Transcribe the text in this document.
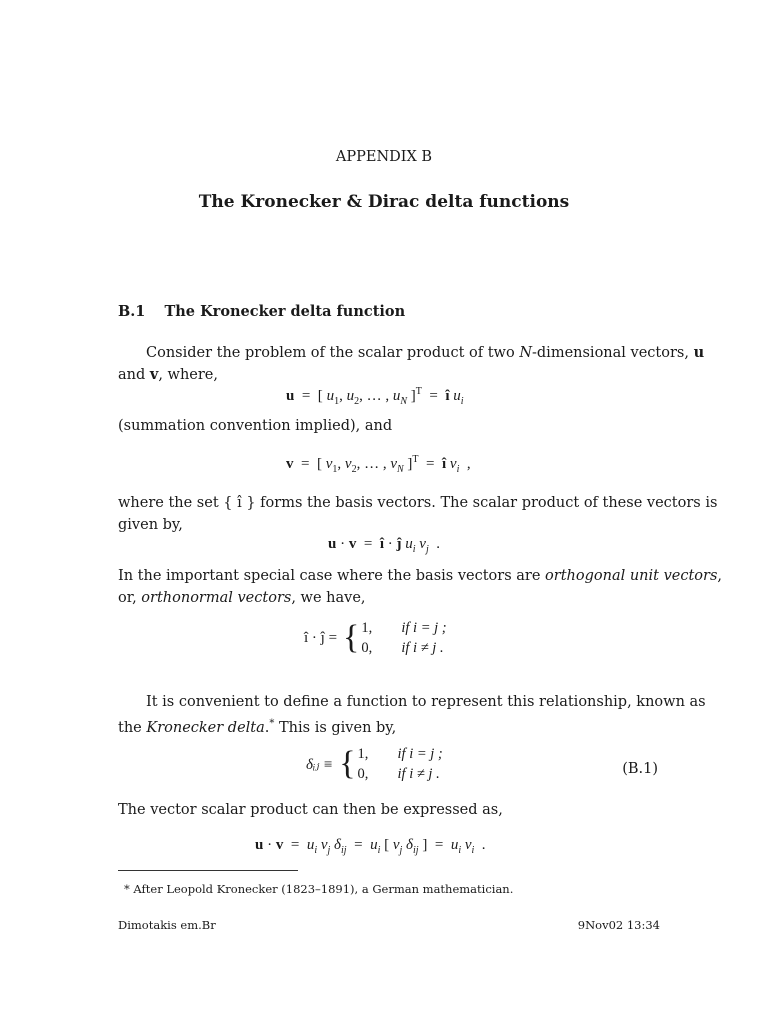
APPENDIX B
The Kronecker & Dirac delta functions
B.1 The Kronecker delta function
Consider the problem of the scalar product of two N-dimensional vectors, u
and v, where,
u  =  [ $u_1$, $u_2$, … , $u_N$ ]$^T$  =  î $u_i$
(summation convention implied), and
v  =  [ $v_1$, $v_2$, … , $v_N$ ]$^T$  =  î $v_i$  ,
where the set { î } forms the basis vectors. The scalar product of these vectors is
given by,
u · v  =  î · ĵ $u_i$ $v_j$  .
In the important special case where the basis vectors are orthogonal unit vectors,
or, orthonormal vectors, we have,
î · ĵ = { 1, if i = j ;
0, if i ≠ j .
It is convenient to define a function to represent this relationship, known as
the Kronecker delta.* This is given by,
δᵢⱼ ≡ { 1, if i = j ;
0, if i ≠ j .	(B.1)
The vector scalar product can then be expressed as,
$u \cdot v = u_i$ $v_j$ $\delta_{ij} = u_i$ [ $v_j$ $\delta_{ij}$ ]  =  $u_i$ $v_i$  .
* After Leopold Kronecker (1823–1891), a German mathematician.
Dimotakis em.Br	9Nov02 13:34
